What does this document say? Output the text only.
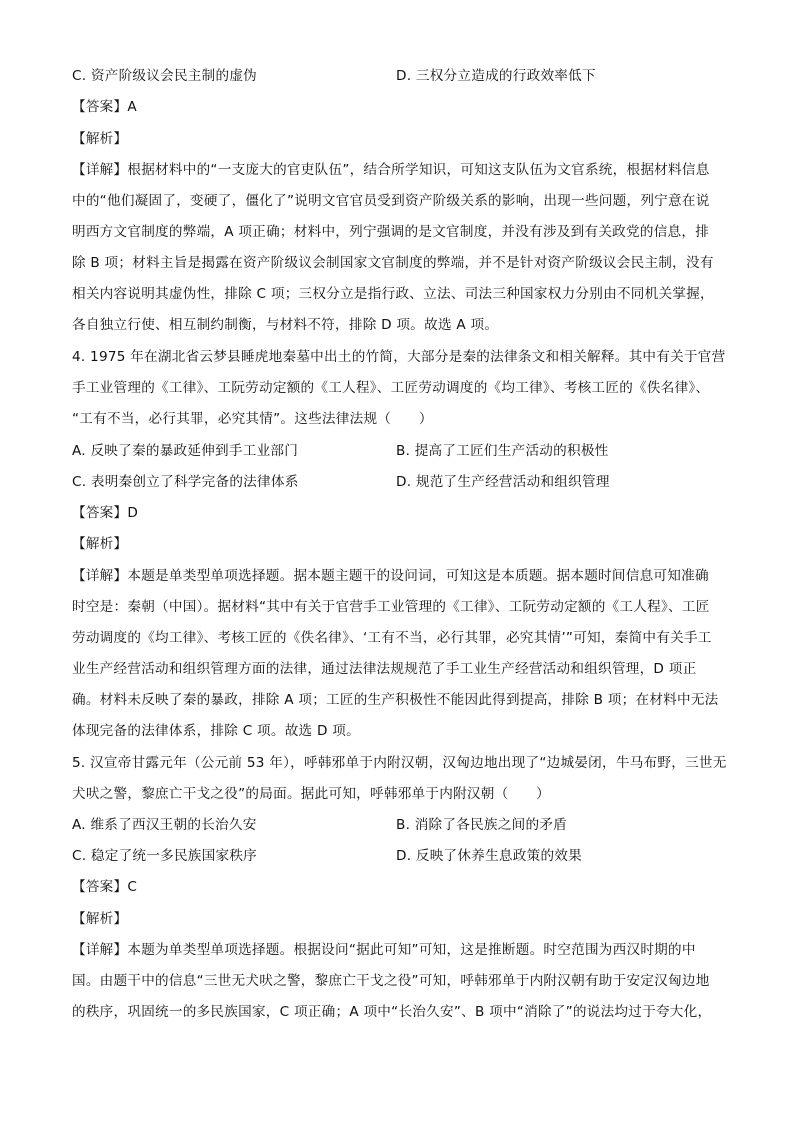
C. 资产阶级议会民主制的虚伪	D. 三权分立造成的行政效率低下
【答案】A
【解析】
【详解】根据材料中的“一支庞大的官吏队伍”，结合所学知识，可知这支队伍为文官系统，根据材料信息
中的“他们凝固了，变硬了，僵化了”说明文官官员受到资产阶级关系的影响，出现一些问题，列宁意在说
明西方文官制度的弊端，A 项正确；材料中，列宁强调的是文官制度，并没有涉及到有关政党的信息，排
除 B 项；材料主旨是揭露在资产阶级议会制国家文官制度的弊端，并不是针对资产阶级议会民主制，没有
相关内容说明其虚伪性，排除 C 项；三权分立是指行政、立法、司法三种国家权力分别由不同机关掌握，
各自独立行使、相互制约制衡，与材料不符，排除 D 项。故选 A 项。
4. 1975 年在湖北省云梦县睡虎地秦墓中出土的竹简，大部分是秦的法律条文和相关解释。其中有关于官营
手工业管理的《工律》、工阮劳动定额的《工人程》、工匠劳动调度的《均工律》、考核工匠的《佚名律》、
“工有不当，必行其罪，必究其情”。这些法律法规（　　）
A. 反映了秦的暴政延伸到手工业部门	B. 提高了工匠们生产活动的积极性
C. 表明秦创立了科学完备的法律体系	D. 规范了生产经营活动和组织管理
【答案】D
【解析】
【详解】本题是单类型单项选择题。据本题主题干的设问词，可知这是本质题。据本题时间信息可知准确
时空是：秦朝（中国）。据材料“其中有关于官营手工业管理的《工律》、工阮劳动定额的《工人程》、工匠
劳动调度的《均工律》、考核工匠的《佚名律》、‘工有不当，必行其罪，必究其情’”可知，秦简中有关手工
业生产经营活动和组织管理方面的法律，通过法律法规规范了手工业生产经营活动和组织管理，D 项正
确。材料未反映了秦的暴政，排除 A 项；工匠的生产积极性不能因此得到提高，排除 B 项；在材料中无法
体现完备的法律体系，排除 C 项。故选 D 项。
5. 汉宣帝甘露元年（公元前 53 年），呼韩邪单于内附汉朝，汉匈边地出现了“边城晏闭，牛马布野，三世无
犬吠之警，黎庶亡干戈之役”的局面。据此可知，呼韩邪单于内附汉朝（　　）
A. 维系了西汉王朝的长治久安	B. 消除了各民族之间的矛盾
C. 稳定了统一多民族国家秩序	D. 反映了休养生息政策的效果
【答案】C
【解析】
【详解】本题为单类型单项选择题。根据设问“据此可知”可知，这是推断题。时空范围为西汉时期的中
国。由题干中的信息“三世无犬吠之警，黎庶亡干戈之役”可知，呼韩邪单于内附汉朝有助于安定汉匈边地
的秩序，巩固统一的多民族国家，C 项正确；A 项中“长治久安”、B 项中“消除了”的说法均过于夸大化，
